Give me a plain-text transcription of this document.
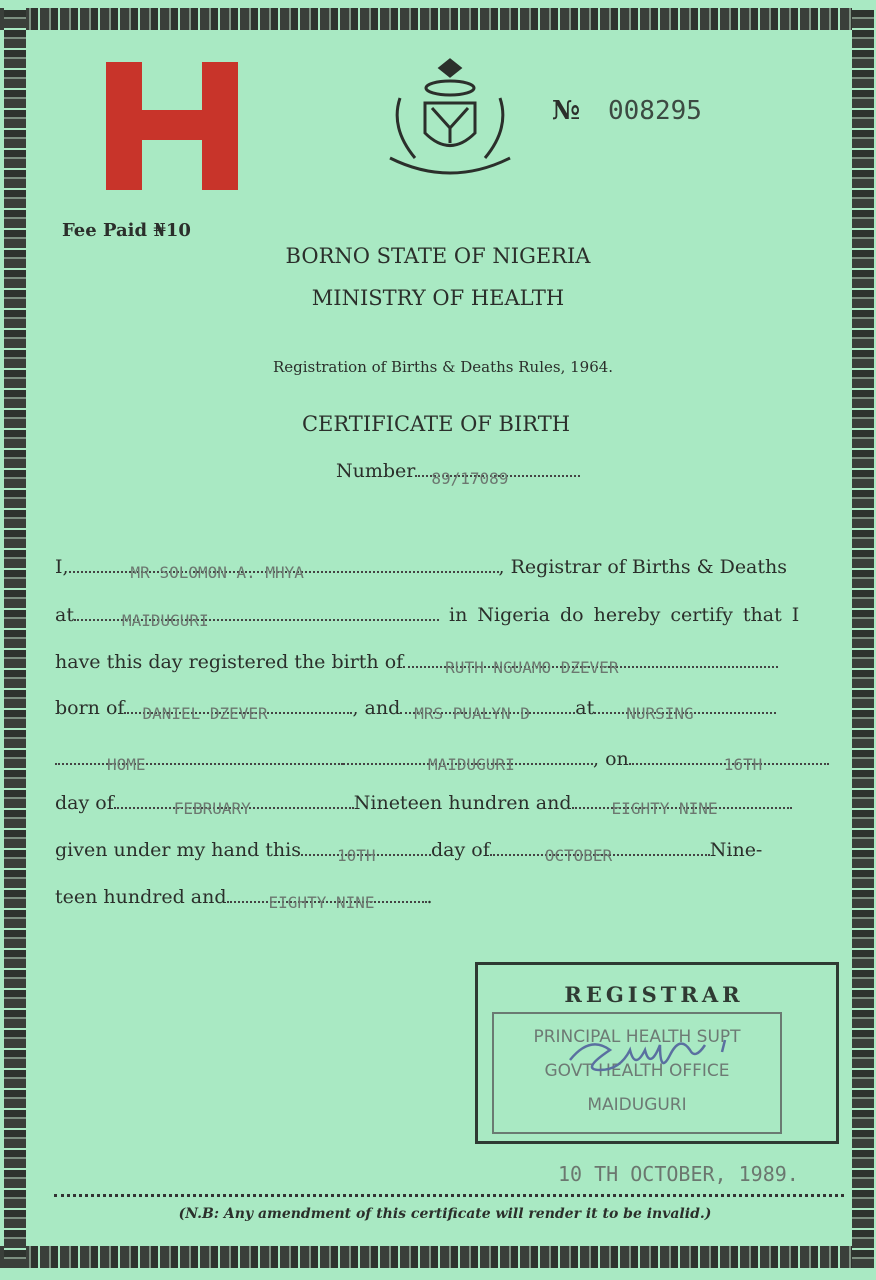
№ 008295
Fee Paid ₦10
BORNO STATE OF NIGERIA
MINISTRY OF HEALTH
Registration of Births & Deaths Rules, 1964.
CERTIFICATE OF BIRTH
Number 89/17089
I,	MR SOLOMON A. MHYA	, Registrar of Births & Deaths
at	MAIDUGURI	in Nigeria do hereby certify that I
have this day registered the birth of	RUTH NGUAMO DZEVER
born of DANIEL DZEVER	, and MRS PUALYN D at NURSING
HOME	MAIDUGURI	, on	16TH
day of	FEBRUARY	Nineteen hundren and	EIGHTY NINE
given under my hand this 10TH	day of	OCTOBER	Nine-
teen hundred and	EIGHTY NINE	.
REGISTRAR
PRINCIPAL HEALTH SUPT
GOVT HEALTH OFFICE
MAIDUGURI
10 TH OCTOBER, 1989.
(N.B: Any amendment of this certificate will render it to be invalid.)
